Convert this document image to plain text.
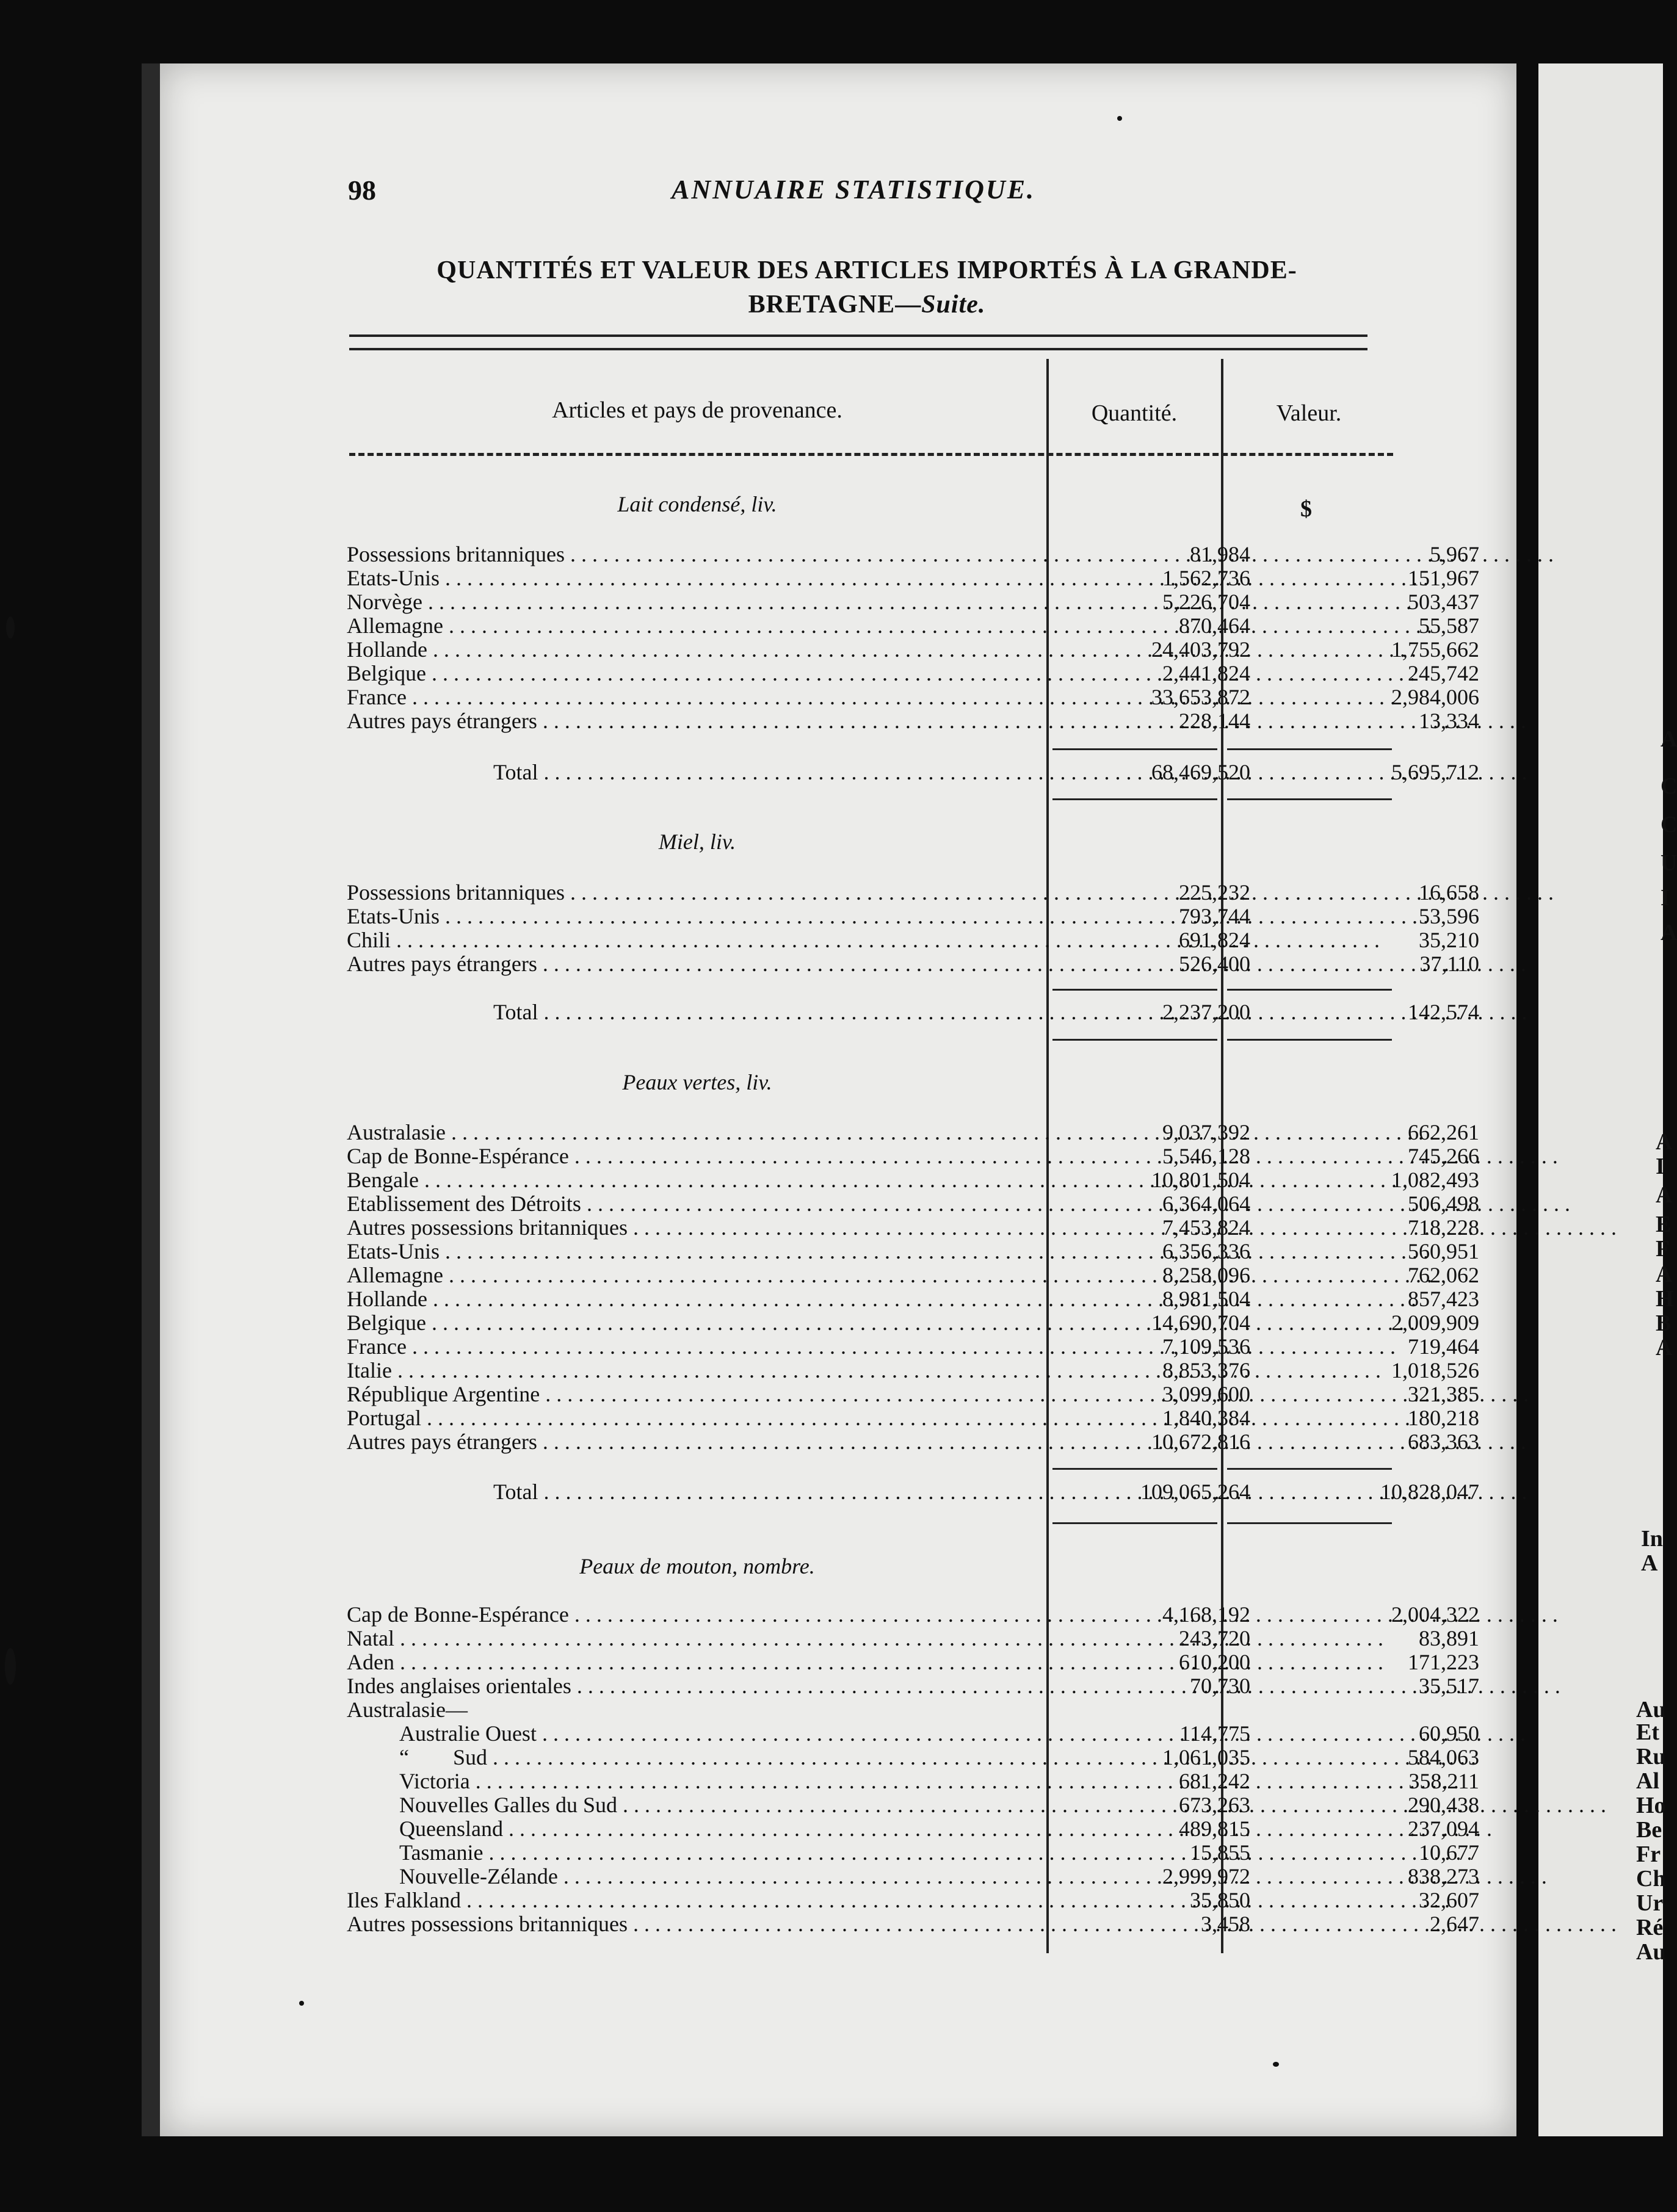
A
C
C
U
I
A
A
I
A
E
F
A
H
B
A
In
A
Au
Et
Ru
Al
Ho
Be
Fr
Ch
Ur
Ré
Au
98	ANNUAIRE STATISTIQUE.
QUANTITÉS ET VALEUR DES ARTICLES IMPORTÉS À LA GRANDE-
BRETAGNE—Suite.
Articles et pays de provenance.	Quantité.	Valeur.
$
Lait condensé, liv.
Possessions britanniques . . .	81,984	5,967
Etats-Unis . . .	1,562,736	151,967
Norvège . . .	5,226,704	503,437
Allemagne . . .	870,464	55,587
Hollande . . .	24,403,792	1,755,662
Belgique . . .	2,441,824	245,742
France . . .	33,653,872	2,984,006
Autres pays étrangers . . .	228,144	13,334
Total . . .	68,469,520	5,695,712
Miel, liv.
Possessions britanniques . . .	225,232	16,658
Etats-Unis . . .	793,744	53,596
Chili . . .	691,824	35,210
Autres pays étrangers . . .	526,400	37,110
Total . . .	2,237,200	142,574
Peaux vertes, liv.
Australasie . . .	9,037,392	662,261
Cap de Bonne-Espérance . . .	5,546,128	745,266
Bengale . . .	10,801,504	1,082,493
Etablissement des Détroits . . .	6,364,064	506,498
Autres possessions britanniques . . .	7,453,824	718,228
Etats-Unis . . .	6,356,336	560,951
Allemagne . . .	8,258,096	762,062
Hollande . . .	8,981,504	857,423
Belgique . . .	14,690,704	2,009,909
France . . .	7,109,536	719,464
Italie . . .	8,853,376	1,018,526
République Argentine . . .	3,099,600	321,385
Portugal . . .	1,840,384	180,218
Autres pays étrangers . . .	10,672,816	683,363
Total . . .	109,065,264	10,828,047
Peaux de mouton, nombre.
Cap de Bonne-Espérance . . .	4,168,192	2,004,322
Natal . . .	243,720	83,891
Aden . . .	610,200	171,223
Indes anglaises orientales . . .	70,730	35,517
Australasie—
Australie Ouest . . .	114,775	60,950
“        Sud . . .	1,061,035	584,063
Victoria . . .	681,242	358,211
Nouvelles Galles du Sud . . .	673,263	290,438
Queensland . . .	489,815	237,094
Tasmanie . . .	15,855	10,677
Nouvelle-Zélande . . .	2,999,972	838,273
Iles Falkland . . .	35,850	32,607
Autres possessions britanniques . . .	3,458	2,647
